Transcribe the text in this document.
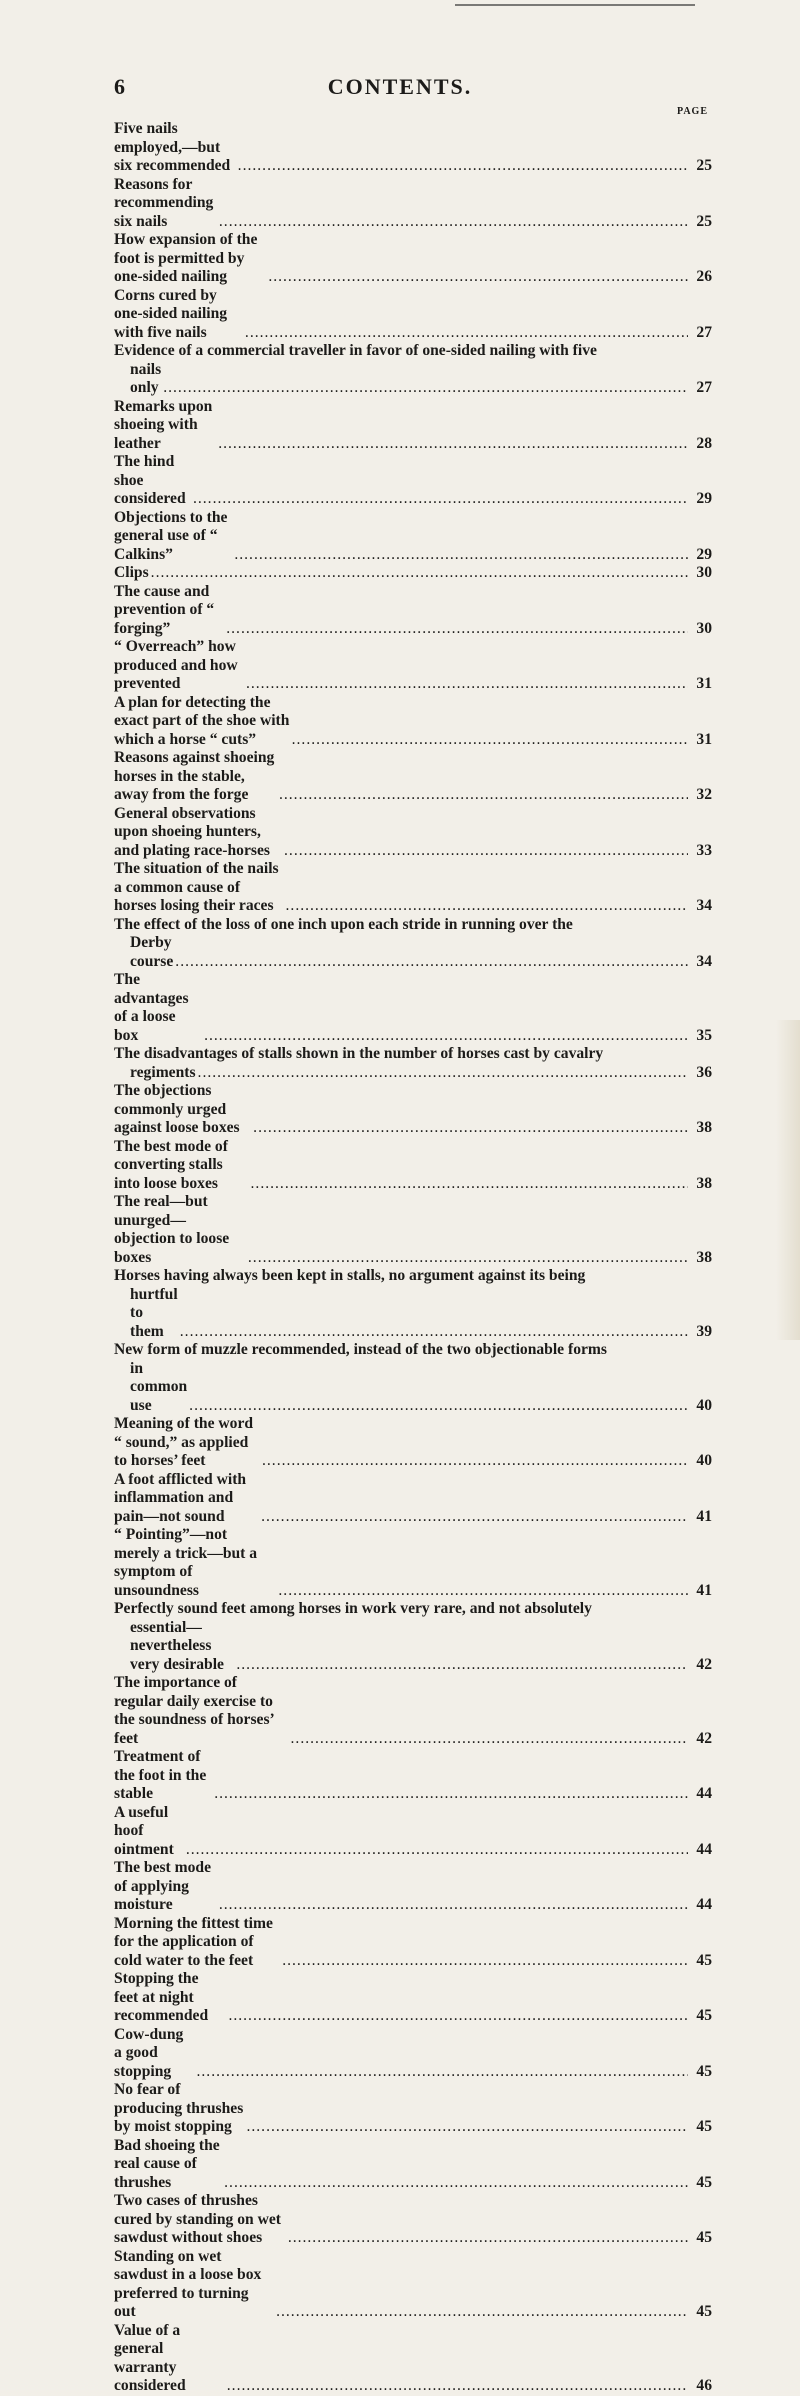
6	CONTENTS.
PAGE
Five nails employed,—but six recommended .....	25
Reasons for recommending six nails .....	25
How expansion of the foot is permitted by one-sided nailing .....	26
Corns cured by one-sided nailing with five nails .....	27
Evidence of a commercial traveller in favor of one-sided nailing with five
nails only .....	27
Remarks upon shoeing with leather .....	28
The hind shoe considered .....	29
Objections to the general use of “ Calkins” .....	29
Clips .....	30
The cause and prevention of “ forging” .....	30
“ Overreach” how produced and how prevented .....	31
A plan for detecting the exact part of the shoe with which a horse “ cuts” .....	31
Reasons against shoeing horses in the stable, away from the forge .....	32
General observations upon shoeing hunters, and plating race-horses .....	33
The situation of the nails a common cause of horses losing their races .....	34
The effect of the loss of one inch upon each stride in running over the
Derby course .....	34
The advantages of a loose box .....	35
The disadvantages of stalls shown in the number of horses cast by cavalry
regiments .....	36
The objections commonly urged against loose boxes .....	38
The best mode of converting stalls into loose boxes .....	38
The real—but unurged—objection to loose boxes .....	38
Horses having always been kept in stalls, no argument against its being
hurtful to them .....	39
New form of muzzle recommended, instead of the two objectionable forms
in common use .....	40
Meaning of the word “ sound,” as applied to horses’ feet .....	40
A foot afflicted with inflammation and pain—not sound .....	41
“ Pointing”—not merely a trick—but a symptom of unsoundness .....	41
Perfectly sound feet among horses in work very rare, and not absolutely
essential—nevertheless very desirable .....	42
The importance of regular daily exercise to the soundness of horses’ feet .....	42
Treatment of the foot in the stable .....	44
A useful hoof ointment .....	44
The best mode of applying moisture .....	44
Morning the fittest time for the application of cold water to the feet .....	45
Stopping the feet at night recommended .....	45
Cow-dung a good stopping .....	45
No fear of producing thrushes by moist stopping .....	45
Bad shoeing the real cause of thrushes .....	45
Two cases of thrushes cured by standing on wet sawdust without shoes .....	45
Standing on wet sawdust in a loose box preferred to turning out .....	45
Value of a general warranty considered .....	46
